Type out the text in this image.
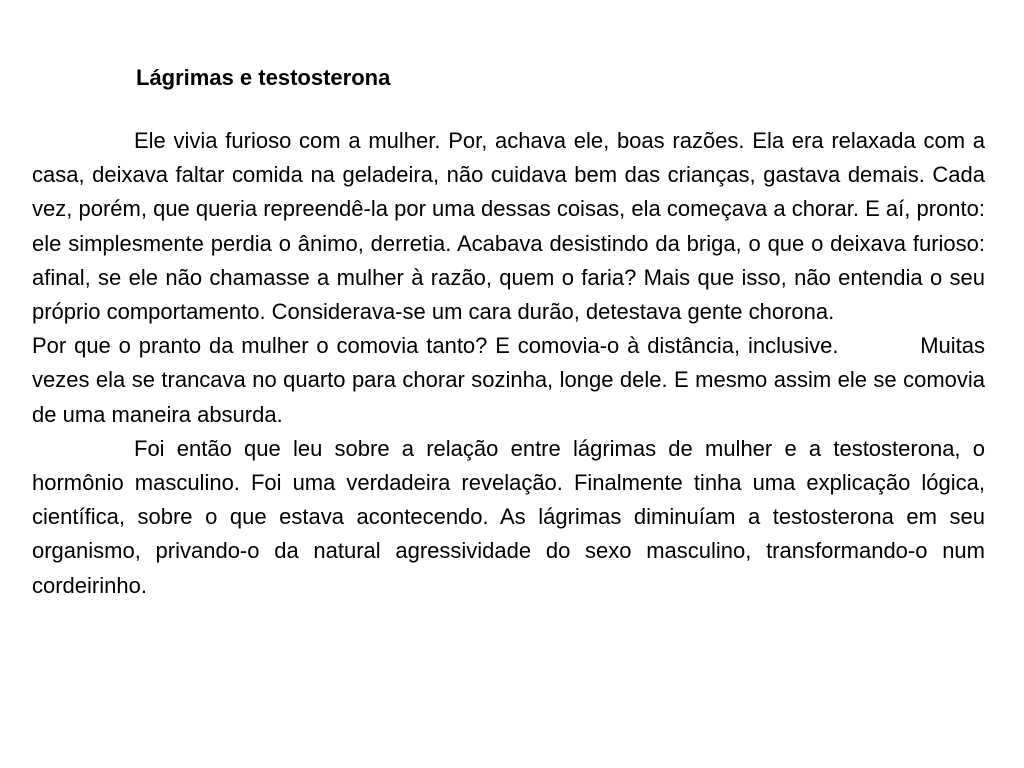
Lágrimas e testosterona

Ele vivia furioso com a mulher. Por, achava ele, boas razões. Ela era relaxada com a casa, deixava faltar comida na geladeira, não cuidava bem das crianças, gastava demais. Cada vez, porém, que queria repreendê-la por uma dessas coisas, ela começava a chorar. E aí, pronto: ele simplesmente perdia o ânimo, derretia. Acabava desistindo da briga, o que o deixava furioso: afinal, se ele não chamasse a mulher à razão, quem o faria? Mais que isso, não entendia o seu próprio comportamento. Considerava-se um cara durão, detestava gente chorona.

Por que o pranto da mulher o comovia tanto? E comovia-o à distância, inclusive.	Muitas vezes ela se trancava no quarto para chorar sozinha, longe dele. E mesmo assim ele se comovia de uma maneira absurda.

Foi então que leu sobre a relação entre lágrimas de mulher e a testosterona, o hormônio masculino. Foi uma verdadeira revelação. Finalmente tinha uma explicação lógica, científica, sobre o que estava acontecendo. As lágrimas diminuíam a testosterona em seu organismo, privando-o da natural agressividade do sexo masculino, transformando-o num cordeirinho.
